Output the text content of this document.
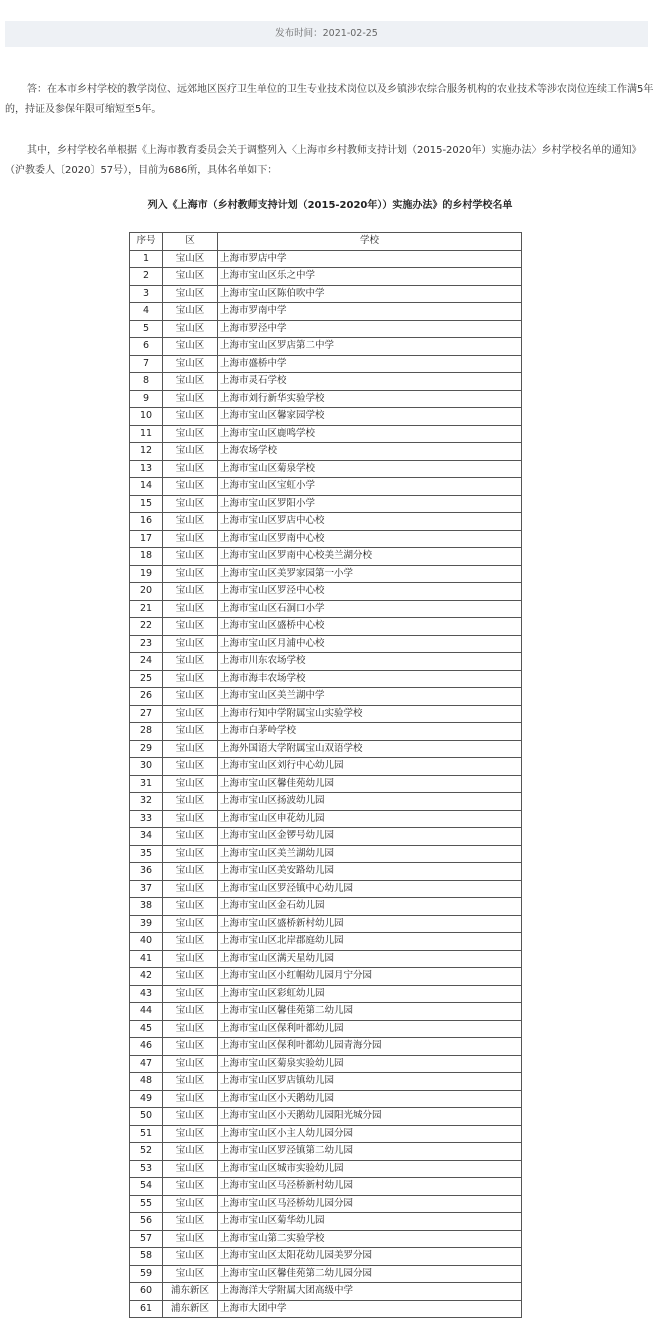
发布时间：2021-02-25

答：在本市乡村学校的教学岗位、远郊地区医疗卫生单位的卫生专业技术岗位以及乡镇涉农综合服务机构的农业技术等涉农岗位连续工作满5年的，持证及参保年限可缩短至5年。

其中，乡村学校名单根据《上海市教育委员会关于调整列入〈上海市乡村教师支持计划（2015-2020年）实施办法〉乡村学校名单的通知》（沪教委人〔2020〕57号），目前为686所，具体名单如下：

列入《上海市（乡村教师支持计划（2015-2020年））实施办法》的乡村学校名单
序号	区	学校
1	宝山区	上海市罗店中学
2	宝山区	上海市宝山区乐之中学
3	宝山区	上海市宝山区陈伯吹中学
4	宝山区	上海市罗南中学
5	宝山区	上海市罗泾中学
6	宝山区	上海市宝山区罗店第二中学
7	宝山区	上海市盛桥中学
8	宝山区	上海市灵石学校
9	宝山区	上海市刘行新华实验学校
10	宝山区	上海市宝山区馨家园学校
11	宝山区	上海市宝山区鹿鸣学校
12	宝山区	上海农场学校
13	宝山区	上海市宝山区菊泉学校
14	宝山区	上海市宝山区宝虹小学
15	宝山区	上海市宝山区罗阳小学
16	宝山区	上海市宝山区罗店中心校
17	宝山区	上海市宝山区罗南中心校
18	宝山区	上海市宝山区罗南中心校美兰湖分校
19	宝山区	上海市宝山区美罗家园第一小学
20	宝山区	上海市宝山区罗泾中心校
21	宝山区	上海市宝山区石洞口小学
22	宝山区	上海市宝山区盛桥中心校
23	宝山区	上海市宝山区月浦中心校
24	宝山区	上海市川东农场学校
25	宝山区	上海市海丰农场学校
26	宝山区	上海市宝山区美兰湖中学
27	宝山区	上海市行知中学附属宝山实验学校
28	宝山区	上海市白茅岭学校
29	宝山区	上海外国语大学附属宝山双语学校
30	宝山区	上海市宝山区刘行中心幼儿园
31	宝山区	上海市宝山区馨佳苑幼儿园
32	宝山区	上海市宝山区扬波幼儿园
33	宝山区	上海市宝山区申花幼儿园
34	宝山区	上海市宝山区金锣号幼儿园
35	宝山区	上海市宝山区美兰湖幼儿园
36	宝山区	上海市宝山区美安路幼儿园
37	宝山区	上海市宝山区罗泾镇中心幼儿园
38	宝山区	上海市宝山区金石幼儿园
39	宝山区	上海市宝山区盛桥新村幼儿园
40	宝山区	上海市宝山区北岸郡庭幼儿园
41	宝山区	上海市宝山区满天星幼儿园
42	宝山区	上海市宝山区小红帽幼儿园月宁分园
43	宝山区	上海市宝山区彩虹幼儿园
44	宝山区	上海市宝山区馨佳苑第二幼儿园
45	宝山区	上海市宝山区保利叶都幼儿园
46	宝山区	上海市宝山区保利叶都幼儿园青海分园
47	宝山区	上海市宝山区菊泉实验幼儿园
48	宝山区	上海市宝山区罗店镇幼儿园
49	宝山区	上海市宝山区小天鹅幼儿园
50	宝山区	上海市宝山区小天鹅幼儿园阳光城分园
51	宝山区	上海市宝山区小主人幼儿园分园
52	宝山区	上海市宝山区罗泾镇第二幼儿园
53	宝山区	上海市宝山区城市实验幼儿园
54	宝山区	上海市宝山区马泾桥新村幼儿园
55	宝山区	上海市宝山区马泾桥幼儿园分园
56	宝山区	上海市宝山区菊华幼儿园
57	宝山区	上海市宝山第二实验学校
58	宝山区	上海市宝山区太阳花幼儿园美罗分园
59	宝山区	上海市宝山区馨佳苑第二幼儿园分园
60	浦东新区	上海海洋大学附属大团高级中学
61	浦东新区	上海市大团中学
